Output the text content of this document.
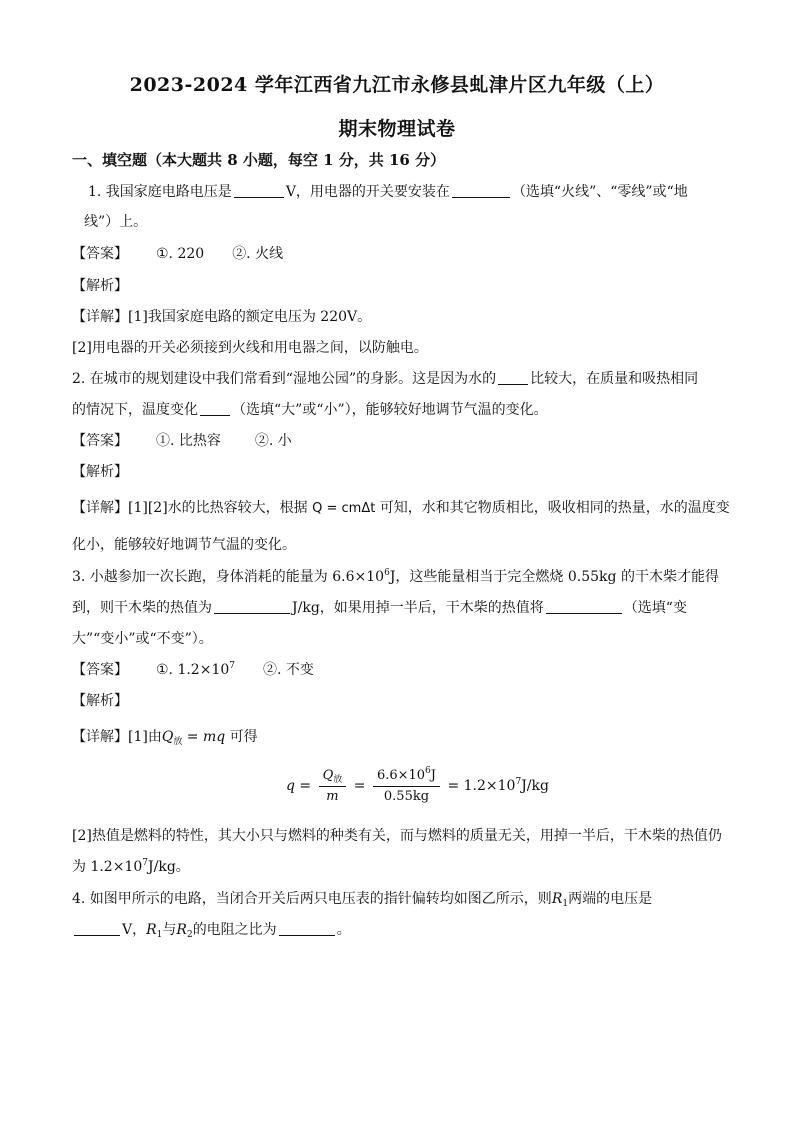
2023-2024 学年江西省九江市永修县虬津片区九年级（上）
期末物理试卷
一、填空题（本大题共 8 小题，每空 1 分，共 16 分）
1. 我国家庭电路电压是	V，用电器的开关要安装在	（选填“火线”、“零线”或“地
线”）上。
【答案】 ①. 220 ②. 火线
【解析】
【详解】[1]我国家庭电路的额定电压为 220V。
[2]用电器的开关必须接到火线和用电器之间，以防触电。
2. 在城市的规划建设中我们常看到“湿地公园”的身影。这是因为水的 比较大，在质量和吸热相同
的情况下，温度变化 （选填“大”或“小”），能够较好地调节气温的变化。
【答案】 ①. 比热容 ②. 小
【解析】
【详解】[1][2]水的比热容较大，根据 Q = cmΔt 可知，水和其它物质相比，吸收相同的热量，水的温度变
化小，能够较好地调节气温的变化。
3. 小越参加一次长跑，身体消耗的能量为 $6.6\times 10^6J$，这些能量相当于完全燃烧 0.55kg 的干木柴才能得
到，则干木柴的热值为	J/kg，如果用掉一半后，干木柴的热值将	（选填“变
大”“变小”或“不变”）。
【答案】 ①. $1.2\times 10^7$ ②. 不变
【解析】
【详解】[1]由$Q_放$ = mq 可得
$q = \frac{Q_放}{m} = \frac{6.6\times 10^6J}{0.55kg} = 1.2\times 10^7J/kg$
[2]热值是燃料的特性，其大小只与燃料的种类有关，而与燃料的质量无关，用掉一半后，干木柴的热值仍
为 $1.2\times 10^7J/kg$。
4. 如图甲所示的电路，当闭合开关后两只电压表的指针偏转均如图乙所示，则$R_1$两端的电压是
V，$R_1$与$R_2$的电阻之比为	。
